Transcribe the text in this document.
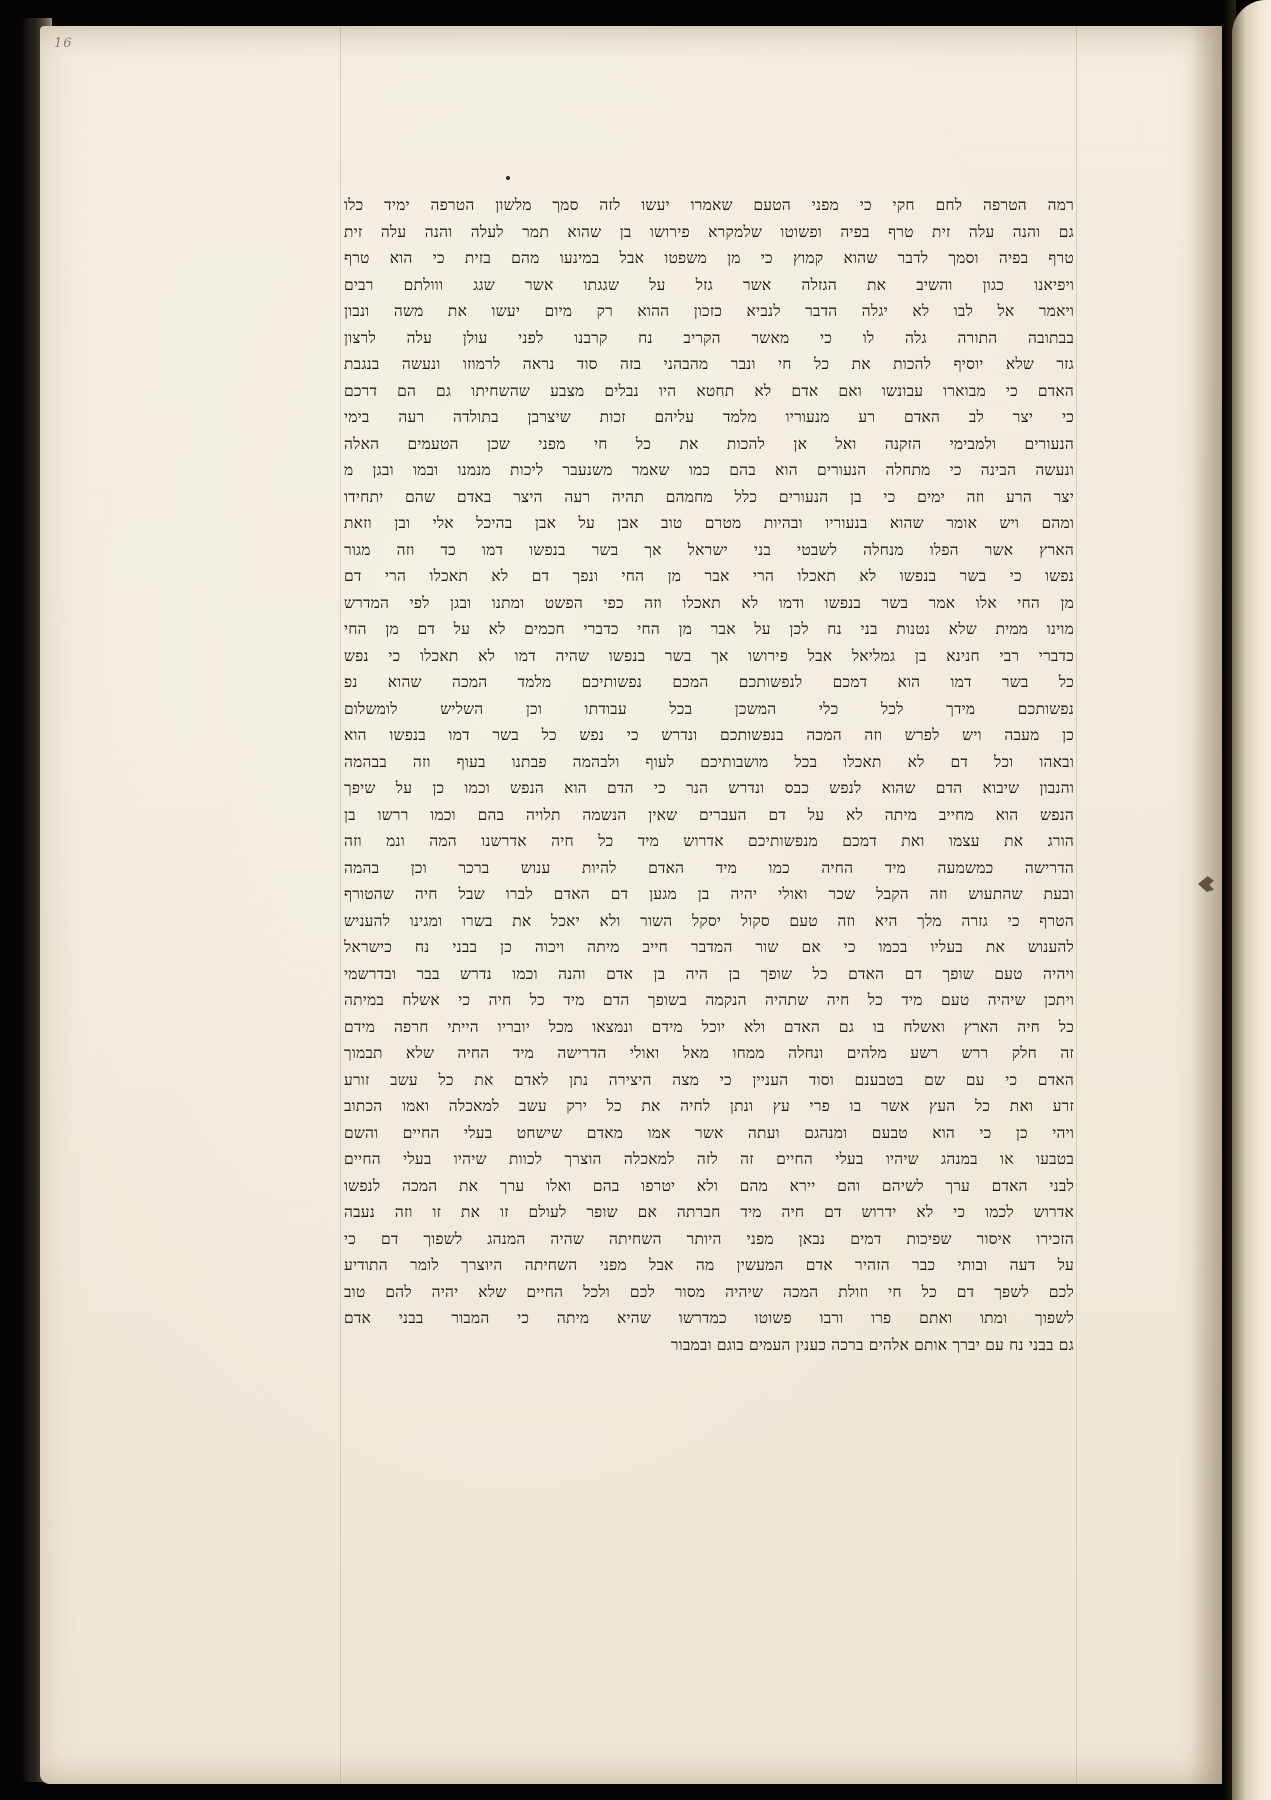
16
רמה הטרפה לחם חקי כי מפני הטעם שאמרו יעשו לזה סמך מלשון הטרפה ימיד כלו
גם והנה עלה זית טרף בפיה ופשוטו שלמקרא פירושו בן שהוא תמר לעלה והנה עלה זית
טרף בפיה וסמך לדבר שהוא קמוץ כי מן משפטו אבל במינעו מהם בזית כי הוא טרף
ויפיאנו כגון והשיב את הגזלה אשר גזל על שגגתו אשר שגג ווולתם רבים
ויאמר אל לבו לא יגלה הדבר לנביא כזכון ההוא רק מיום יעשו את משה ונבון
בבתובה התורה גלה לו כי מאשר הקריב נח קרבנו לפני עולן עלה לרצון
גזר שלא יוסיף להכות את כל חי ונבר מהבהני בזה סוד נראה לרמוזו ונעשה בנגבת
האדם כי מבוארו עבונשו ואם אדם לא תחטא היו נבלים מצבע שהשחיתו גם הם דרכם
כי יצר לב האדם רע מנעוריו מלמד עליהם זכות שיצרבן בתולדה רעה בימי
הנעורים ולמבימי הזקנה ואל אן להכות את כל חי מפני שכן הטעמים האלה
ונעשה הבינה כי מתחלה הנעורים הוא בהם כמו שאמר משנעבר ליכות מנמנו ובמו ובגן מ
יצר הרע וזה ימים כי בן הנעורים כלל מחמהם תהיה רעה היצר באדם שהם יתחידו
ומהם ויש אומר שהוא בנעוריו ובהיות מטרם טוב אבן על אבן בהיכל אלי ובן וזאת
הארץ אשר הפלו מנחלה לשבטי בני ישראל אך בשר בנפשו דמו כד וזה מגור
נפשו כי בשר בנפשו לא תאכלו הרי אבר מן החי ונפך דם לא תאכלו הרי דם
מן החי אלו אמר בשר בנפשו ודמו לא תאכלו וזה כפי הפשט ומתנו ובגן לפי המדרש
מוינו ממית שלא נטנות בני נח לכן על אבר מן החי כדברי חכמים לא על דם מן החי
כדברי רבי חנינא בן גמליאל אבל פירושו אך בשר בנפשו שהיה דמו לא תאכלו כי נפש
כל בשר דמו הוא דמכם לנפשותכם המכם נפשותיכם מלמד המכה שהוא נפ
נפשותכם מידך לכל כלי המשכן בכל עבודתו וכן השליש לומשלום
כן מעבה ויש לפרש וזה המכה בנפשותכם ונדרש כי נפש כל בשר דמו בנפשו הוא
ובאהו וכל דם לא תאכלו בכל מושבותיכם לעוף ולבהמה פבתנו בעוף וזה בבהמה
והנבון שיבוא הדם שהוא לנפש כבס ונדרש הנר כי הדם הוא הנפש וכמו כן על שיפך
הנפש הוא מחייב מיתה לא על דם העברים שאין הנשמה תלויה בהם וכמו ררשו בן
הורג את עצמו ואת דמכם מנפשותיכם אדרוש מיד כל חיה אדרשנו המה ונמ וזה
הדרישה כמשמעה מיד החיה כמו מיד האדם להיות ענוש ברכר וכן בהמה
ובעת שהתעוש וזה הקבל שכר ואולי יהיה בן מגען דם האדם לברו שבל חיה שהטורף
הטרף כי גזרה מלך היא וזה טעם סקול יסקל השור ולא יאכל את בשרו ומגינו להעניש
להענוש את בעליו בכמו כי אם שור המדבר חייב מיתה ויכוה כן בבני נח כישראל
ויהיה טעם שופך דם האדם כל שופך בן היה בן אדם והנה וכמו נדרש בבר ובדרשמי
ויתכן שיהיה טעם מיד כל חיה שתהיה הנקמה בשופך הדם מיד כל חיה כי אשלח במיתה
כל חיה הארץ ואשלח בו גם האדם ולא יוכל מידם ונמצאו מכל יובריו הייתי חרפה מידם
זה חלק ררש רשע מלהים ונחלה ממחו מאל ואולי הדרישה מיד החיה שלא תבמוך
האדם כי עם שם בטבענם וסוד העניין כי מצה היצירה נתן לאדם את כל עשב זורע
זרע ואת כל העץ אשר בו פרי עץ ונתן לחיה את כל ירק עשב למאכלה ואמו הכתוב
ויהי כן כי הוא טבעם ומנהגם ועתה אשר אמו מאדם שישחט בעלי החיים והשם
בטבעו או במנהג שיהיו בעלי החיים זה לזה למאכלה הוצרך לכוות שיהיו בעלי החיים
לבני האדם ערך לשיהם והם יירא מהם ולא יטרפו בהם ואלו ערך את המכה לנפשו
אדרוש לכמו כי לא ידרוש דם חיה מיד חברתה אם שופר לעולם זו את זו וזה נעבה
הזכירו איסור שפיכות דמים נבאן מפני היותר השחיתה שהיה המנהג לשפוך דם כי
על דעה ובותי כבר הזהיר אדם המעשין מה אבל מפני השחיתה היוצרך לומר התודיע
לכם לשפך דם כל חי וזולת המכה שיהיה מסור לכם ולכל החיים שלא יהיה להם טוב
לשפוך ומתו ואתם פרו ורבו פשוטו כמדרשו שהיא מיתה כי המבור בבני אדם
גם בבני נח עם יברך אותם אלהים ברכה כענין העמים בוגם ובמבור
